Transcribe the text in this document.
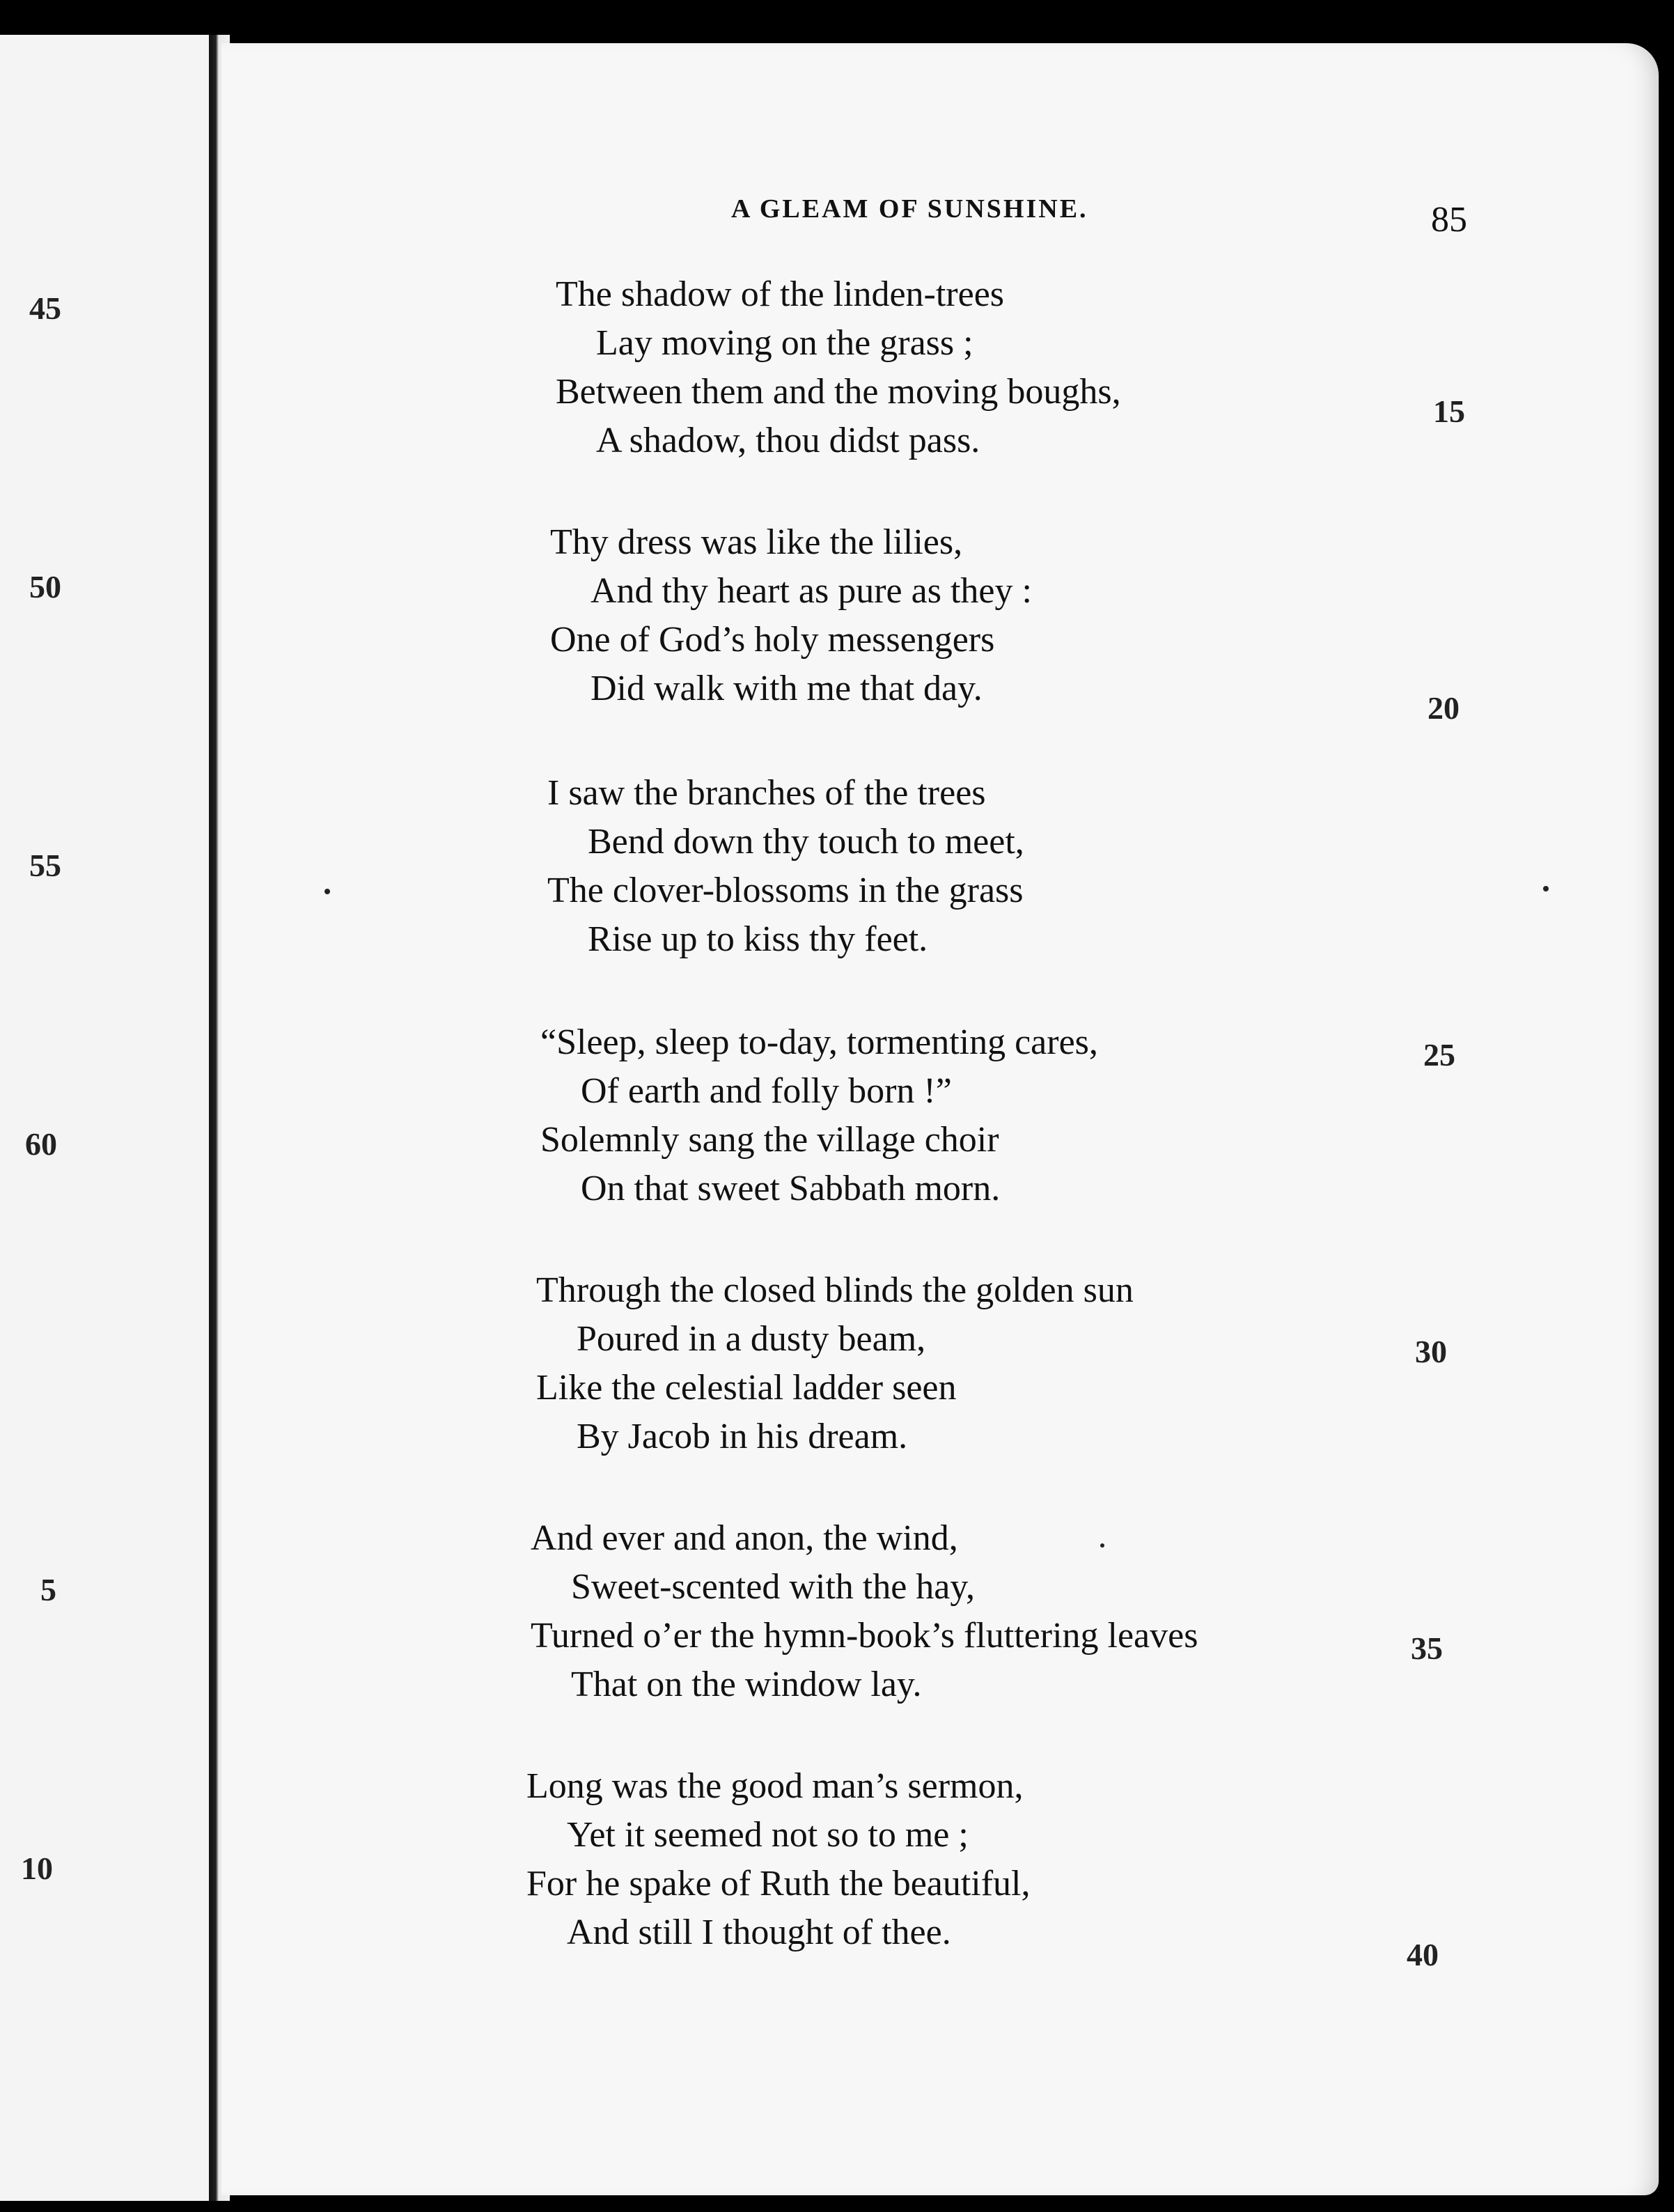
45
50
55
60
5
10
A GLEAM OF SUNSHINE.	85
The shadow of the linden-trees
Lay moving on the grass ;
Between them and the moving boughs,
A shadow, thou didst pass.
Thy dress was like the lilies,
And thy heart as pure as they :
One of God’s holy messengers
Did walk with me that day.
I saw the branches of the trees
Bend down thy touch to meet,
The clover-blossoms in the grass
Rise up to kiss thy feet.
“Sleep, sleep to-day, tormenting cares,
Of earth and folly born !”
Solemnly sang the village choir
On that sweet Sabbath morn.
Through the closed blinds the golden sun
Poured in a dusty beam,
Like the celestial ladder seen
By Jacob in his dream.
And ever and anon, the wind,
Sweet-scented with the hay,
Turned o’er the hymn-book’s fluttering leaves
That on the window lay.
Long was the good man’s sermon,
Yet it seemed not so to me ;
For he spake of Ruth the beautiful,
And still I thought of thee.
15
20
25
30
35
40
